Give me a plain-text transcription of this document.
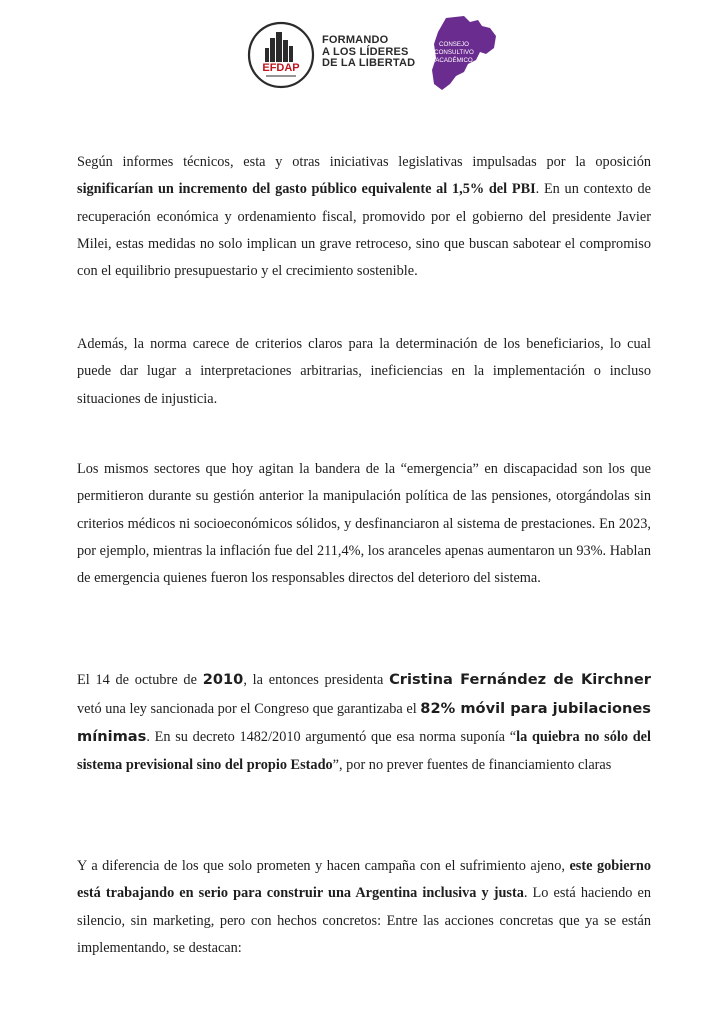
EFDAP
FORMANDO
A LOS LÍDERES
DE LA LIBERTAD
CONSEJO
CONSULTIVO
ACADÉMICO

Según informes técnicos, esta y otras iniciativas legislativas impulsadas por la oposición significarían un incremento del gasto público equivalente al 1,5% del PBI. En un contexto de recuperación económica y ordenamiento fiscal, promovido por el gobierno del presidente Javier Milei, estas medidas no solo implican un grave retroceso, sino que buscan sabotear el compromiso con el equilibrio presupuestario y el crecimiento sostenible.

Además, la norma carece de criterios claros para la determinación de los beneficiarios, lo cual puede dar lugar a interpretaciones arbitrarias, ineficiencias en la implementación o incluso situaciones de injusticia.

Los mismos sectores que hoy agitan la bandera de la “emergencia” en discapacidad son los que permitieron durante su gestión anterior la manipulación política de las pensiones, otorgándolas sin criterios médicos ni socioeconómicos sólidos, y desfinanciaron al sistema de prestaciones. En 2023, por ejemplo, mientras la inflación fue del 211,4%, los aranceles apenas aumentaron un 93%. Hablan de emergencia quienes fueron los responsables directos del deterioro del sistema.

El 14 de octubre de 2010, la entonces presidenta Cristina Fernández de Kirchner vetó una ley sancionada por el Congreso que garantizaba el 82% móvil para jubilaciones mínimas. En su decreto 1482/2010 argumentó que esa norma suponía “la quiebra no sólo del sistema previsional sino del propio Estado”, por no prever fuentes de financiamiento claras

Y a diferencia de los que solo prometen y hacen campaña con el sufrimiento ajeno, este gobierno está trabajando en serio para construir una Argentina inclusiva y justa. Lo está haciendo en silencio, sin marketing, pero con hechos concretos: Entre las acciones concretas que ya se están implementando, se destacan:
